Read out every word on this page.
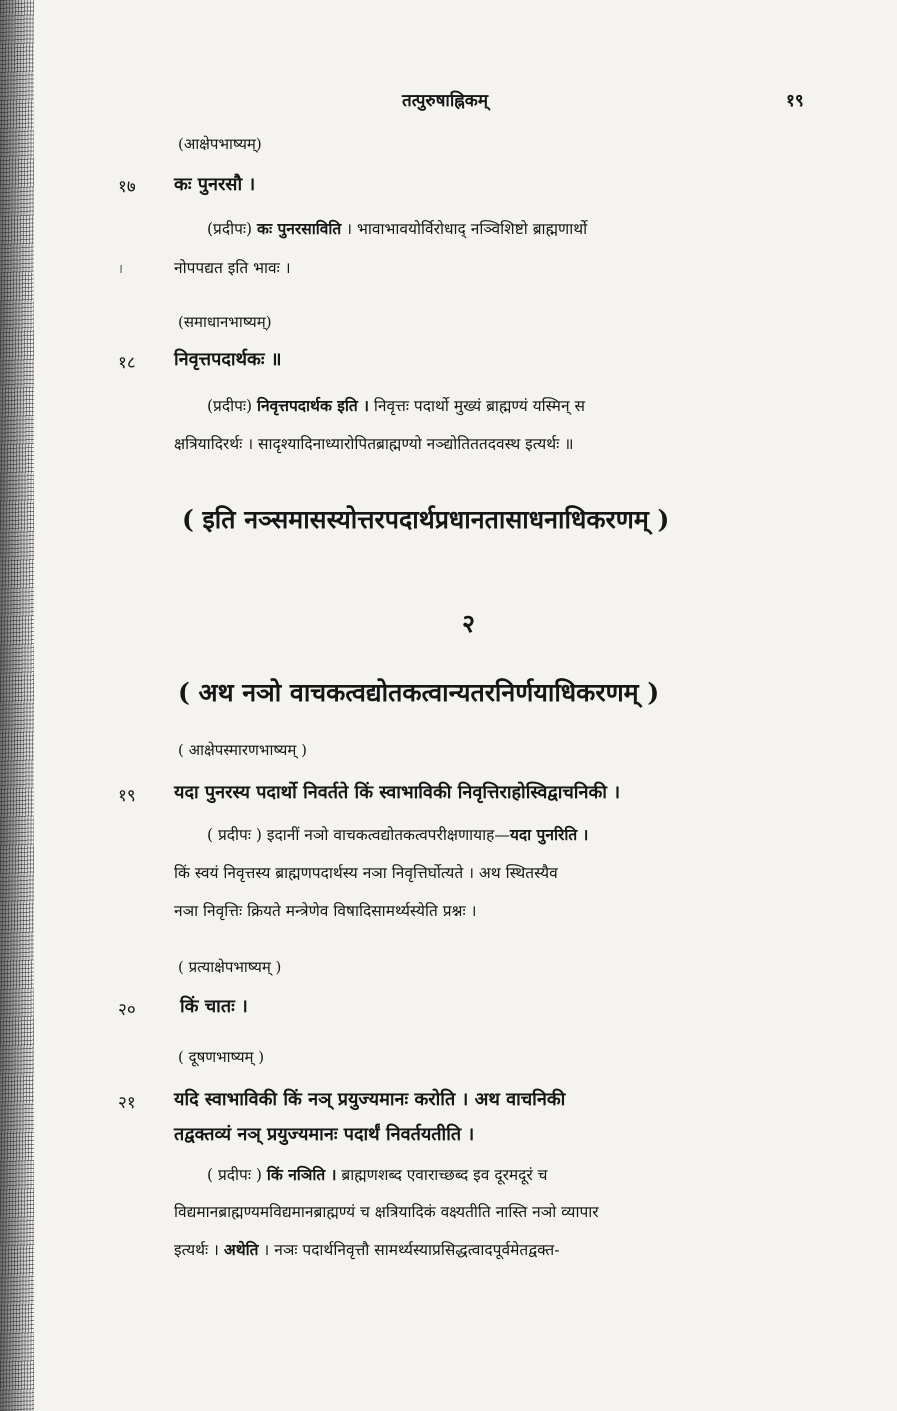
तत्पुरुषाह्निकम्	१९
(आक्षेपभाष्यम्)
१७ कः पुनरसौ ।
(प्रदीपः) कः पुनरसाविति । भावाभावयोर्विरोधाद् नञ्विशिष्टो ब्राह्मणार्थो
।	नोपपद्यत इति भावः ।
(समाधानभाष्यम्)
१८ निवृत्तपदार्थकः ॥
(प्रदीपः) निवृत्तपदार्थक इति । निवृत्तः पदार्थो मुख्यं ब्राह्मण्यं यस्मिन् स
क्षत्रियादिरर्थः । सादृश्यादिनाध्यारोपितब्राह्मण्यो नञ्द्योतिततदवस्थ इत्यर्थः ॥
( इति नञ्समासस्योत्तरपदार्थप्रधानतासाधनाधिकरणम् )
२
( अथ नञो वाचकत्वद्योतकत्वान्यतरनिर्णयाधिकरणम् )
( आक्षेपस्मारणभाष्यम् )
१९ यदा पुनरस्य पदार्थो निवर्तते किं स्वाभाविकी निवृत्तिराहोस्विद्वाचनिकी ।
( प्रदीपः ) इदानीं नञो वाचकत्वद्योतकत्वपरीक्षणायाह—यदा पुनरिति ।
किं स्वयं निवृत्तस्य ब्राह्मणपदार्थस्य नञा निवृत्तिर्घोत्यते । अथ स्थितस्यैव
नञा निवृत्तिः क्रियते मन्त्रेणेव विषादिसामर्थ्यस्येति प्रश्नः ।
( प्रत्याक्षेपभाष्यम् )
२० किं चातः ।
( दूषणभाष्यम् )
२१ यदि स्वाभाविकी किं नञ् प्रयुज्यमानः करोति । अथ वाचनिकी
तद्वक्तव्यं नञ् प्रयुज्यमानः पदार्थं निवर्तयतीति ।
( प्रदीपः ) किं नञिति । ब्राह्मणशब्द एवाराच्छब्द इव दूरमदूरं च
विद्यमानब्राह्मण्यमविद्यमानब्राह्मण्यं च क्षत्रियादिकं वक्ष्यतीति नास्ति नञो व्यापार
इत्यर्थः । अथेति । नञः पदार्थनिवृत्तौ सामर्थ्यस्याप्रसिद्धत्वादपूर्वमेतद्वक्त-
